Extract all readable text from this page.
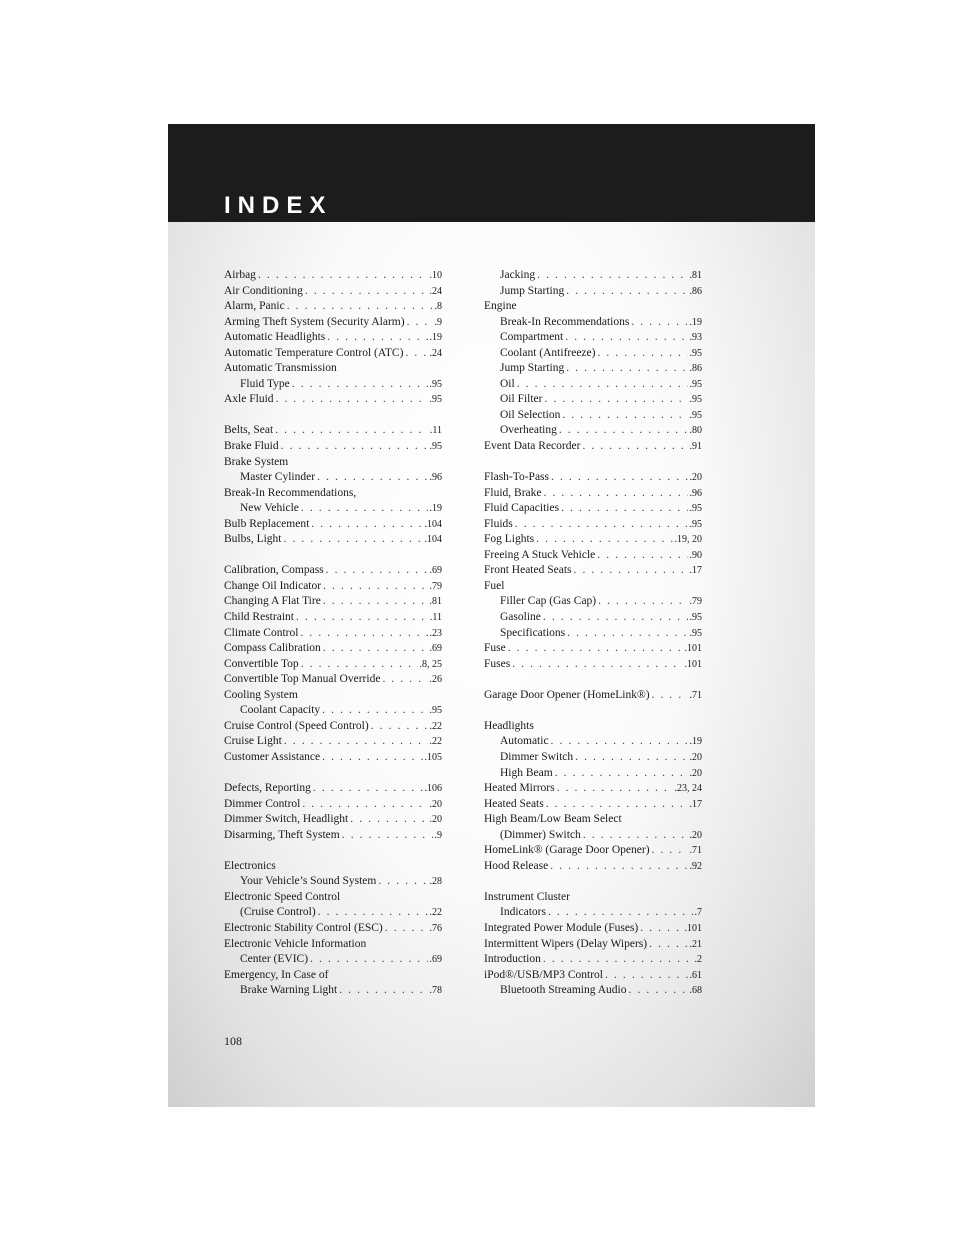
INDEX
Airbag . . .	.10
Air Conditioning . . .	.24
Alarm, Panic . . .	.8
Arming Theft System (Security Alarm) . . .	.9
Automatic Headlights . . .	.19
Automatic Temperature Control (ATC) . . .	.24
Automatic Transmission
Fluid Type . . .	.95
Axle Fluid . . .	.95
Belts, Seat . . .	.11
Brake Fluid . . .	.95
Brake System
Master Cylinder . . .	.96
Break-In Recommendations,
New Vehicle . . .	.19
Bulb Replacement . . .	.104
Bulbs, Light . . .	.104
Calibration, Compass . . .	.69
Change Oil Indicator . . .	.79
Changing A Flat Tire . . .	.81
Child Restraint . . .	.11
Climate Control . . .	.23
Compass Calibration . . .	.69
Convertible Top . . .	.8, 25
Convertible Top Manual Override . . .	.26
Cooling System
Coolant Capacity . . .	.95
Cruise Control (Speed Control) . . .	.22
Cruise Light . . .	.22
Customer Assistance . . .	.105
Defects, Reporting . . .	.106
Dimmer Control . . .	.20
Dimmer Switch, Headlight . . .	.20
Disarming, Theft System . . .	.9
Electronics
Your Vehicle’s Sound System . . .	.28
Electronic Speed Control
(Cruise Control) . . .	.22
Electronic Stability Control (ESC) . . .	.76
Electronic Vehicle Information
Center (EVIC) . . .	.69
Emergency, In Case of
Brake Warning Light . . .	.78
Jacking . . .	.81
Jump Starting . . .	.86
Engine
Break-In Recommendations . . .	.19
Compartment . . .	.93
Coolant (Antifreeze) . . .	.95
Jump Starting . . .	.86
Oil . . .	.95
Oil Filter . . .	.95
Oil Selection . . .	.95
Overheating . . .	.80
Event Data Recorder . . .	.91
Flash-To-Pass . . .	.20
Fluid, Brake . . .	.96
Fluid Capacities . . .	.95
Fluids . . .	.95
Fog Lights . . .	.19, 20
Freeing A Stuck Vehicle . . .	.90
Front Heated Seats . . .	.17
Fuel
Filler Cap (Gas Cap) . . .	.79
Gasoline . . .	.95
Specifications . . .	.95
Fuse . . .	.101
Fuses . . .	.101
Garage Door Opener (HomeLink®) . . .	.71
Headlights
Automatic . . .	.19
Dimmer Switch . . .	.20
High Beam . . .	.20
Heated Mirrors . . .	.23, 24
Heated Seats . . .	.17
High Beam/Low Beam Select
(Dimmer) Switch . . .	.20
HomeLink® (Garage Door Opener) . . .	.71
Hood Release . . .	.92
Instrument Cluster
Indicators . . .	.7
Integrated Power Module (Fuses) . . .	.101
Intermittent Wipers (Delay Wipers) . . .	.21
Introduction . . .	.2
iPod®/USB/MP3 Control . . .	.61
Bluetooth Streaming Audio . . .	.68
108
